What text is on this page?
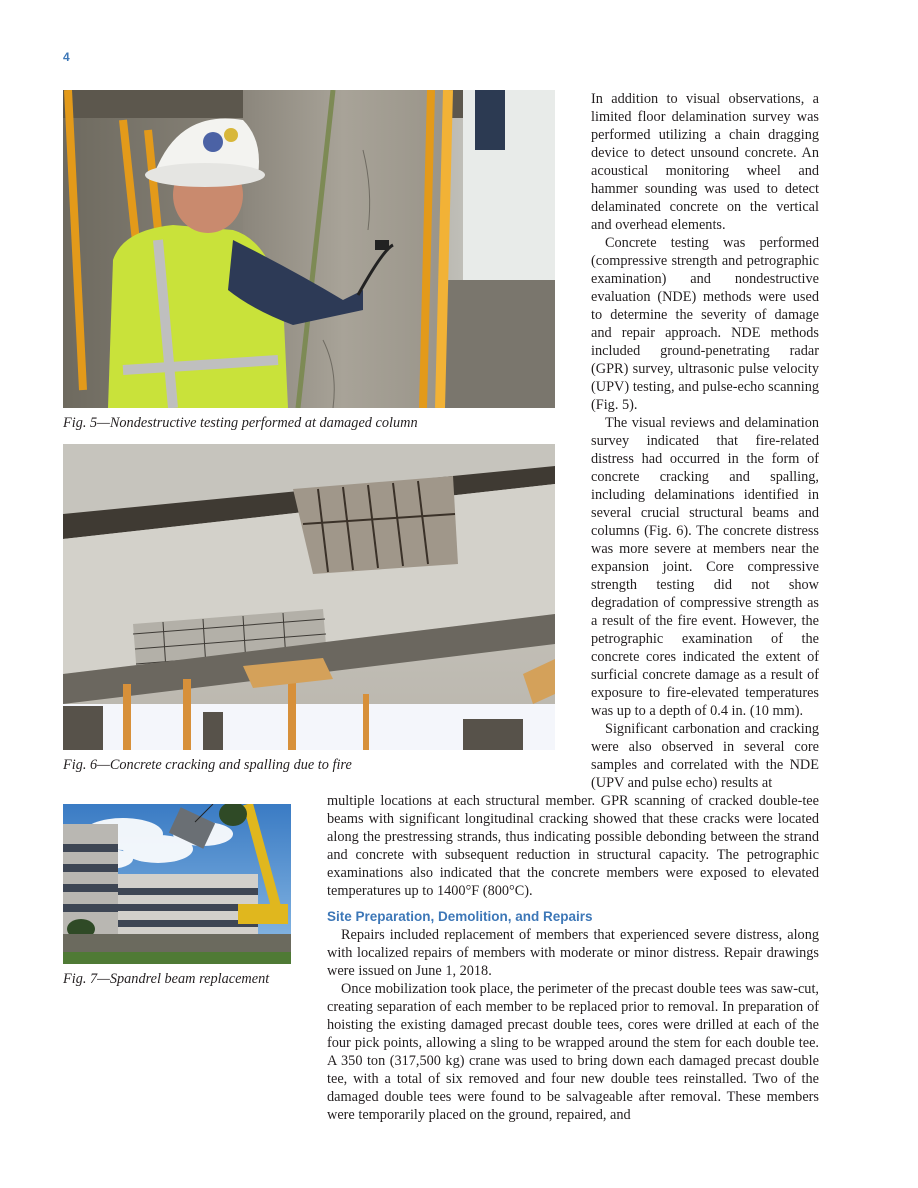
4
Fig. 5—Nondestructive testing performed at damaged column
Fig. 6—Concrete cracking and spalling due to fire
Fig. 7—Spandrel beam replacement

In addition to visual observations, a limited floor delamination survey was performed utilizing a chain dragging device to detect unsound concrete. An acoustical monitoring wheel and hammer sounding was used to detect delaminated concrete on the vertical and overhead elements.

Concrete testing was performed (compressive strength and petrographic examination) and nondestructive evaluation (NDE) methods were used to determine the severity of damage and repair approach. NDE methods included ground-penetrating radar (GPR) survey, ultrasonic pulse velocity (UPV) testing, and pulse-echo scanning (Fig. 5).

The visual reviews and delamination survey indicated that fire-related distress had occurred in the form of concrete cracking and spalling, including delaminations identified in several crucial structural beams and columns (Fig. 6). The concrete distress was more severe at members near the expansion joint. Core compressive strength testing did not show degradation of compressive strength as a result of the fire event. However, the petrographic examination of the concrete cores indicated the extent of surficial concrete damage as a result of exposure to fire-elevated temperatures was up to a depth of 0.4 in. (10 mm).

Significant carbonation and cracking were also observed in several core samples and correlated with the NDE (UPV and pulse echo) results at

multiple locations at each structural member. GPR scanning of cracked double-tee beams with significant longitudinal cracking showed that these cracks were located along the prestressing strands, thus indicating possible debonding between the strand and concrete with subsequent reduction in structural capacity. The petrographic examinations also indicated that the concrete members were exposed to elevated temperatures up to 1400°F (800°C).

Site Preparation, Demolition, and Repairs

Repairs included replacement of members that experienced severe distress, along with localized repairs of members with moderate or minor distress. Repair drawings were issued on June 1, 2018.

Once mobilization took place, the perimeter of the precast double tees was saw-cut, creating separation of each member to be replaced prior to removal. In preparation of hoisting the existing damaged precast double tees, cores were drilled at each of the four pick points, allowing a sling to be wrapped around the stem for each double tee. A 350 ton (317,500 kg) crane was used to bring down each damaged precast double tee, with a total of six removed and four new double tees reinstalled. Two of the damaged double tees were found to be salvageable after removal. These members were temporarily placed on the ground, repaired, and
